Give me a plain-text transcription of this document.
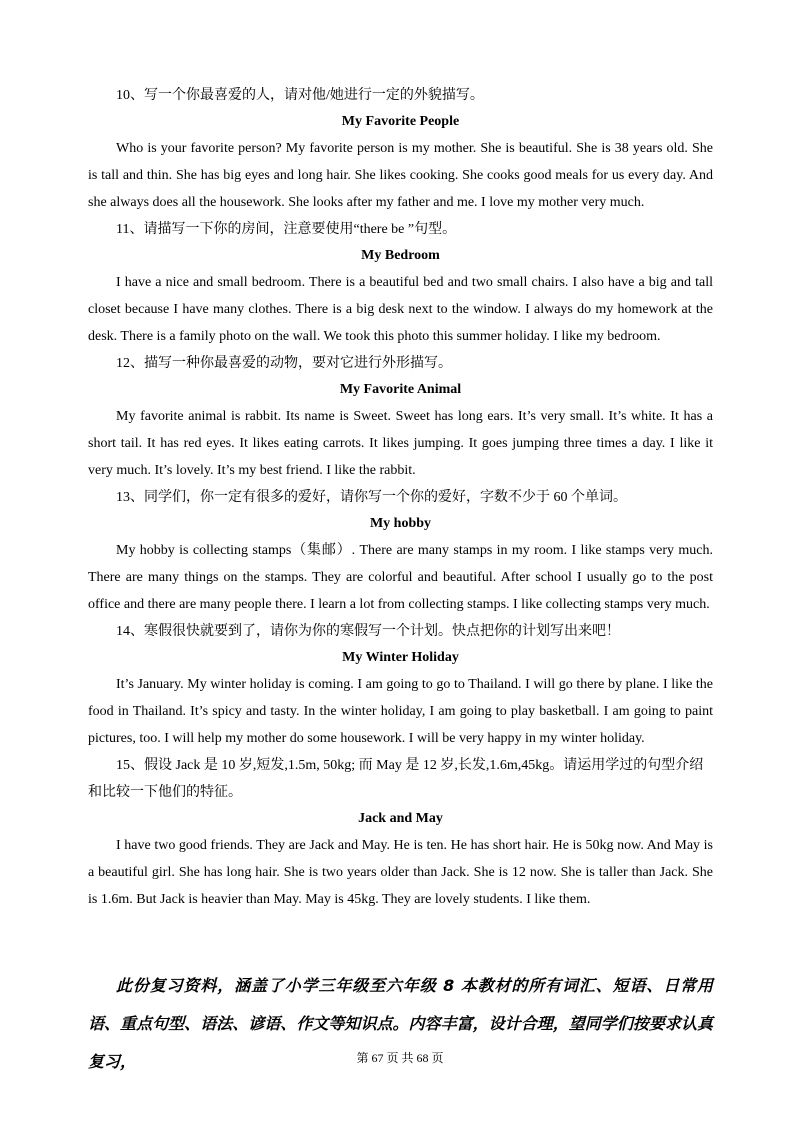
10、写一个你最喜爱的人，请对他/她进行一定的外貌描写。

My Favorite People

Who is your favorite person? My favorite person is my mother. She is beautiful. She is 38 years old. She is tall and thin. She has big eyes and long hair. She likes cooking. She cooks good meals for us every day. And she always does all the housework. She looks after my father and me. I love my mother very much.

11、请描写一下你的房间，注意要使用“there be ”句型。

My Bedroom

I have a nice and small bedroom. There is a beautiful bed and two small chairs. I also have a big and tall closet because I have many clothes. There is a big desk next to the window. I always do my homework at the desk. There is a family photo on the wall. We took this photo this summer holiday. I like my bedroom.

12、描写一种你最喜爱的动物，要对它进行外形描写。

My Favorite Animal

My favorite animal is rabbit. Its name is Sweet. Sweet has long ears. It’s very small. It’s white. It has a short tail. It has red eyes. It likes eating carrots. It likes jumping. It goes jumping three times a day. I like it very much. It’s lovely. It’s my best friend. I like the rabbit.

13、同学们，你一定有很多的爱好，请你写一个你的爱好，字数不少于 60 个单词。

My hobby

My hobby is collecting stamps（集邮）. There are many stamps in my room. I like stamps very much. There are many things on the stamps. They are colorful and beautiful. After school I usually go to the post office and there are many people there. I learn a lot from collecting stamps. I like collecting stamps very much.

14、寒假很快就要到了，请你为你的寒假写一个计划。快点把你的计划写出来吧！

My Winter Holiday

It’s January. My winter holiday is coming. I am going to go to Thailand. I will go there by plane. I like the food in Thailand. It’s spicy and tasty. In the winter holiday, I am going to play basketball. I am going to paint pictures, too. I will help my mother do some housework. I will be very happy in my winter holiday.

15、假设 Jack 是 10 岁,短发,1.5m, 50kg; 而 May 是 12 岁,长发,1.6m,45kg。请运用学过的句型介绍和比较一下他们的特征。

Jack and May

I have two good friends. They are Jack and May. He is ten. He has short hair. He is 50kg now. And May is a beautiful girl. She has long hair. She is two years older than Jack. She is 12 now. She is taller than Jack. She is 1.6m. But Jack is heavier than May. May is 45kg. They are lovely students. I like them.

此份复习资料，涵盖了小学三年级至六年级 8 本教材的所有词汇、短语、日常用语、重点句型、语法、谚语、作文等知识点。内容丰富，设计合理，望同学们按要求认真复习，	第 67 页 共 68 页
